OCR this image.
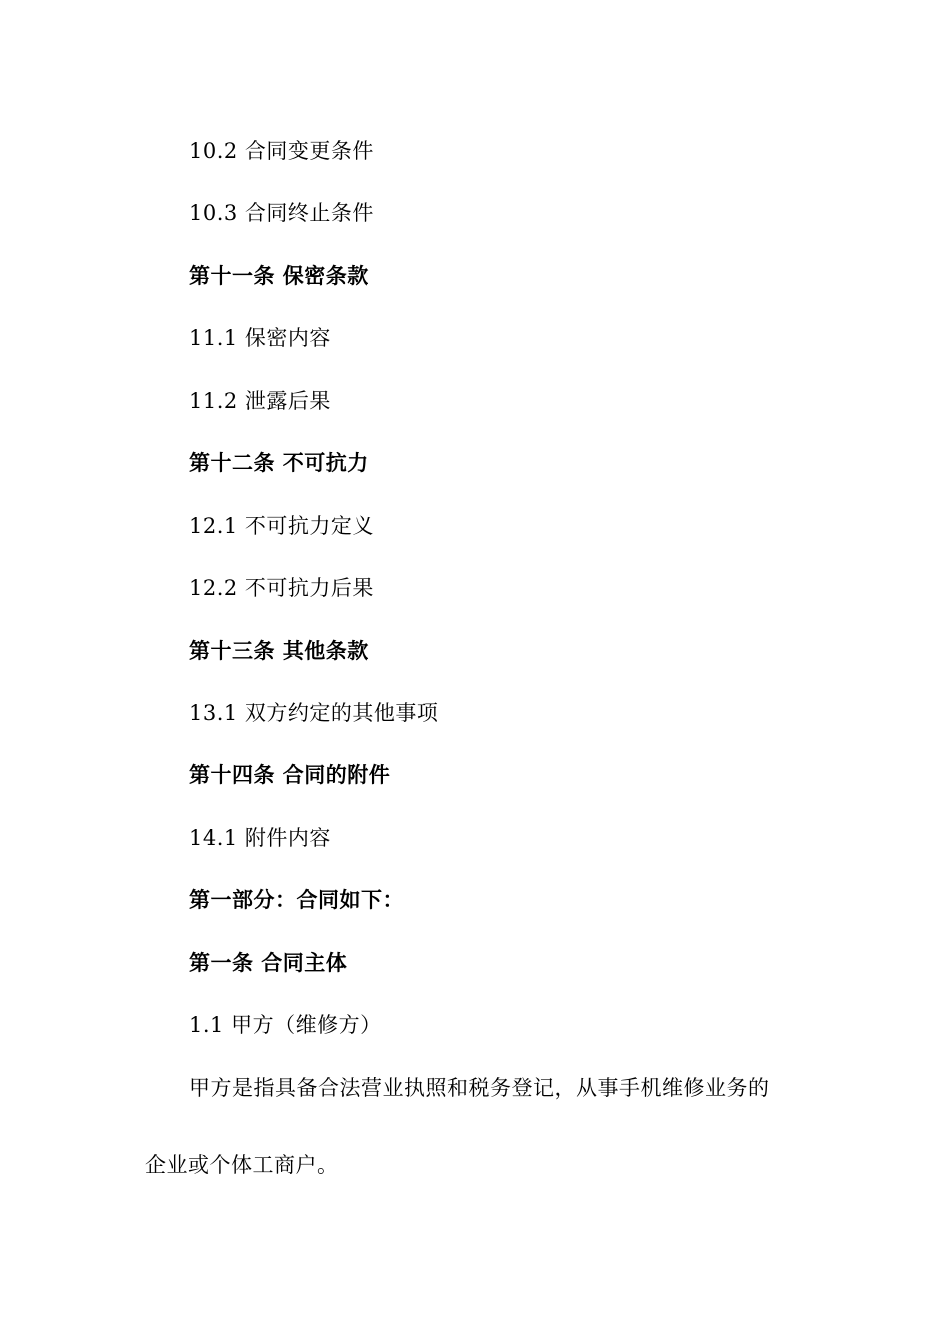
10.2 合同变更条件
10.3 合同终止条件
第十一条 保密条款
11.1 保密内容
11.2 泄露后果
第十二条 不可抗力
12.1 不可抗力定义
12.2 不可抗力后果
第十三条 其他条款
13.1 双方约定的其他事项
第十四条 合同的附件
14.1 附件内容
第一部分：合同如下：
第一条 合同主体
1.1 甲方（维修方）
甲方是指具备合法营业执照和税务登记，从事手机维修业务的
企业或个体工商户。
